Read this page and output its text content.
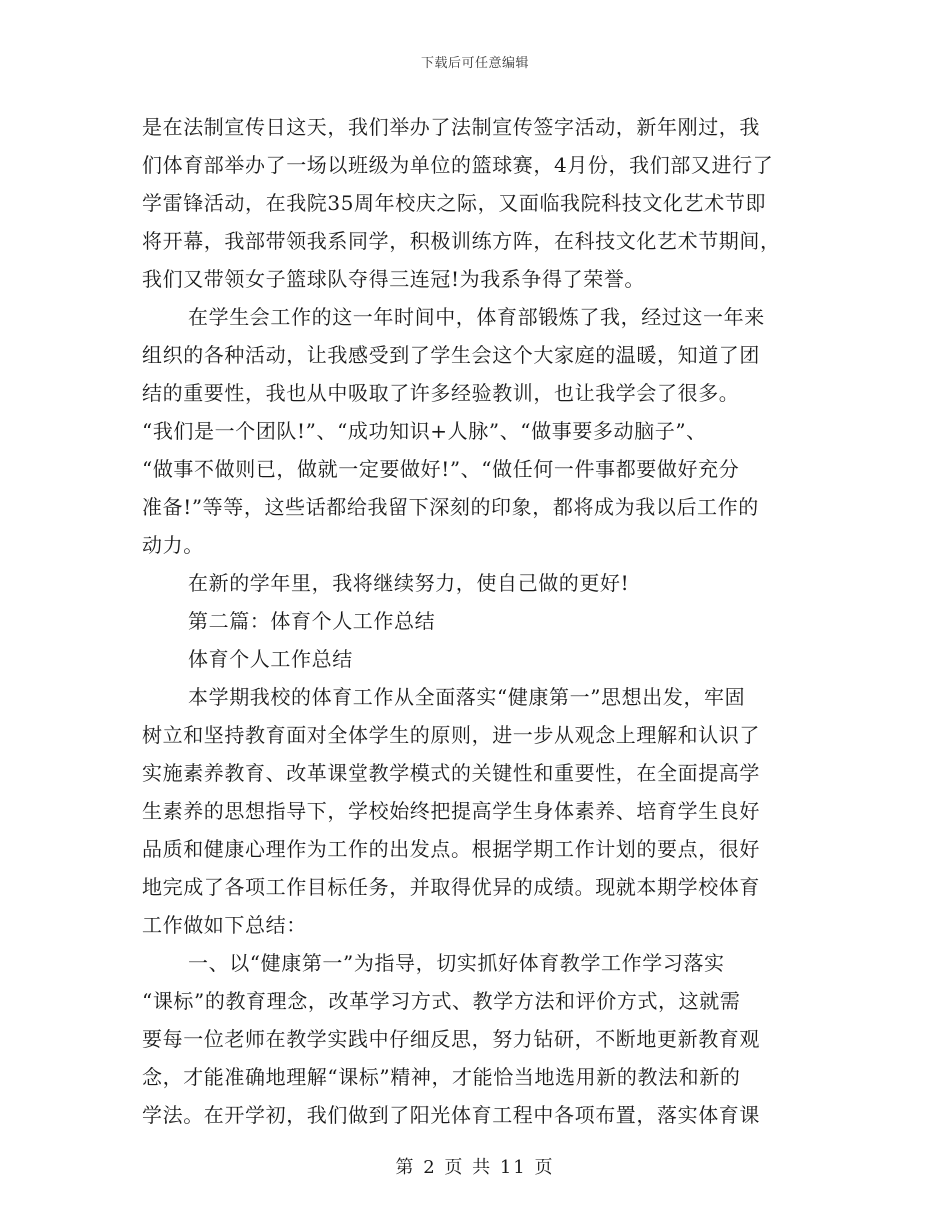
下载后可任意编辑
是在法制宣传日这天，我们举办了法制宣传签字活动，新年刚过，我
们体育部举办了一场以班级为单位的篮球赛，4月份，我们部又进行了
学雷锋活动，在我院35周年校庆之际，又面临我院科技文化艺术节即
将开幕，我部带领我系同学，积极训练方阵，在科技文化艺术节期间，
我们又带领女子篮球队夺得三连冠!为我系争得了荣誉。
在学生会工作的这一年时间中，体育部锻炼了我，经过这一年来
组织的各种活动，让我感受到了学生会这个大家庭的温暖，知道了团
结的重要性，我也从中吸取了许多经验教训，也让我学会了很多。
“我们是一个团队!”、“成功知识+人脉”、“做事要多动脑子”、
“做事不做则已，做就一定要做好!”、“做任何一件事都要做好充分
准备!”等等，这些话都给我留下深刻的印象，都将成为我以后工作的
动力。
在新的学年里，我将继续努力，使自己做的更好!
第二篇：体育个人工作总结
体育个人工作总结
本学期我校的体育工作从全面落实“健康第一”思想出发，牢固
树立和坚持教育面对全体学生的原则，进一步从观念上理解和认识了
实施素养教育、改革课堂教学模式的关键性和重要性，在全面提高学
生素养的思想指导下，学校始终把提高学生身体素养、培育学生良好
品质和健康心理作为工作的出发点。根据学期工作计划的要点，很好
地完成了各项工作目标任务，并取得优异的成绩。现就本期学校体育
工作做如下总结：
一、以“健康第一”为指导，切实抓好体育教学工作学习落实
“课标”的教育理念，改革学习方式、教学方法和评价方式，这就需
要每一位老师在教学实践中仔细反思，努力钻研，不断地更新教育观
念，才能准确地理解“课标”精神，才能恰当地选用新的教法和新的
学法。在开学初，我们做到了阳光体育工程中各项布置，落实体育课
第 2 页 共 11 页
